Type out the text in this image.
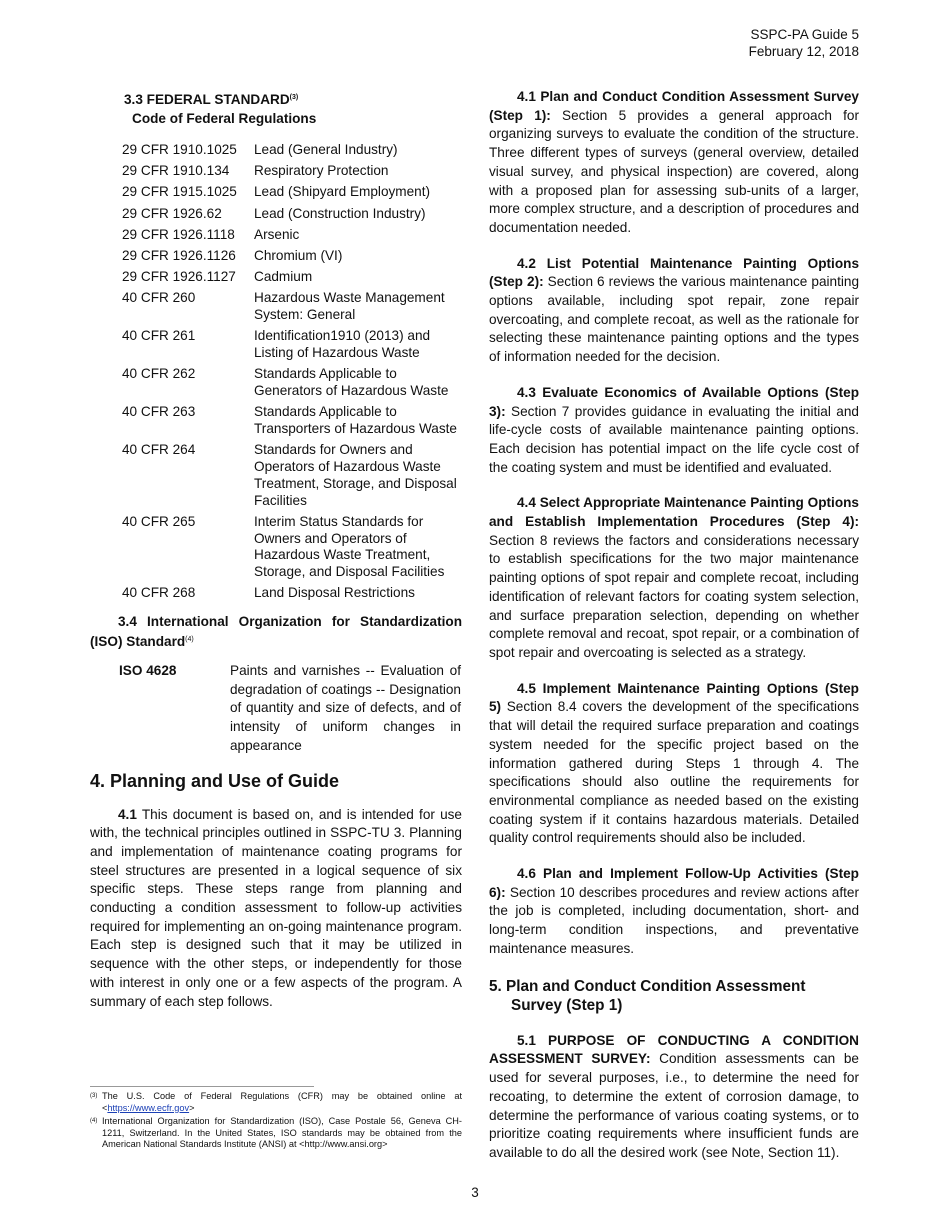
SSPC-PA Guide 5
February 12, 2018
3.3 FEDERAL STANDARD$^{(3)}$
Code of Federal Regulations
29 CFR 1910.1025	Lead (General Industry)
29 CFR 1910.134	Respiratory Protection
29 CFR 1915.1025	Lead (Shipyard Employment)
29 CFR 1926.62	Lead (Construction Industry)
29 CFR 1926.1118	Arsenic
29 CFR 1926.1126	Chromium (VI)
29 CFR 1926.1127	Cadmium
40 CFR 260	Hazardous Waste Management System: General
40 CFR 261	Identification1910 (2013) and Listing of Hazardous Waste
40 CFR 262	Standards Applicable to Generators of Hazardous Waste
40 CFR 263	Standards Applicable to Transporters of Hazardous Waste
40 CFR 264	Standards for Owners and Operators of Hazardous Waste Treatment, Storage, and Disposal Facilities
40 CFR 265	Interim Status Standards for Owners and Operators of Hazardous Waste Treatment, Storage, and Disposal Facilities
40 CFR 268	Land Disposal Restrictions

3.4 International Organization for Standardization (ISO) Standard$^{(4)}$

ISO 4628	Paints and varnishes -- Evaluation of degradation of coatings -- Designation of quantity and size of defects, and of intensity of uniform changes in appearance
4. Planning and Use of Guide

4.1 This document is based on, and is intended for use with, the technical principles outlined in SSPC-TU 3. Planning and implementation of maintenance coating programs for steel structures are presented in a logical sequence of six specific steps. These steps range from planning and conducting a condition assessment to follow-up activities required for implementing an on-going maintenance program. Each step is designed such that it may be utilized in sequence with the other steps, or independently for those with interest in only one or a few aspects of the program. A summary of each step follows.

(3) The U.S. Code of Federal Regulations (CFR) may be obtained online at <https://www.ecfr.gov>

(4) International Organization for Standardization (ISO), Case Postale 56, Geneva CH-1211, Switzerland. In the United States, ISO standards may be obtained from the American National Standards Institute (ANSI) at <http://www.ansi.org>

4.1 Plan and Conduct Condition Assessment Survey (Step 1): Section 5 provides a general approach for organizing surveys to evaluate the condition of the structure. Three different types of surveys (general overview, detailed visual survey, and physical inspection) are covered, along with a proposed plan for assessing sub-units of a larger, more complex structure, and a description of procedures and documentation needed.

4.2 List Potential Maintenance Painting Options (Step 2): Section 6 reviews the various maintenance painting options available, including spot repair, zone repair overcoating, and complete recoat, as well as the rationale for selecting these maintenance painting options and the types of information needed for the decision.

4.3 Evaluate Economics of Available Options (Step 3): Section 7 provides guidance in evaluating the initial and life-cycle costs of available maintenance painting options. Each decision has potential impact on the life cycle cost of the coating system and must be identified and evaluated.

4.4 Select Appropriate Maintenance Painting Options and Establish Implementation Procedures (Step 4): Section 8 reviews the factors and considerations necessary to establish specifications for the two major maintenance painting options of spot repair and complete recoat, including identification of relevant factors for coating system selection, and surface preparation selection, depending on whether complete removal and recoat, spot repair, or a combination of spot repair and overcoating is selected as a strategy.

4.5 Implement Maintenance Painting Options (Step 5) Section 8.4 covers the development of the specifications that will detail the required surface preparation and coatings system needed for the specific project based on the information gathered during Steps 1 through 4. The specifications should also outline the requirements for environmental compliance as needed based on the existing coating system if it contains hazardous materials. Detailed quality control requirements should also be included.

4.6 Plan and Implement Follow-Up Activities (Step 6): Section 10 describes procedures and review actions after the job is completed, including documentation, short- and long-term condition inspections, and preventative maintenance measures.

5. Plan and Conduct Condition Assessment
Survey (Step 1)

5.1 PURPOSE OF CONDUCTING A CONDITION ASSESSMENT SURVEY: Condition assessments can be used for several purposes, i.e., to determine the need for recoating, to determine the extent of corrosion damage, to determine the performance of various coating systems, or to prioritize coating requirements where insufficient funds are available to do all the desired work (see Note, Section 11).

3
